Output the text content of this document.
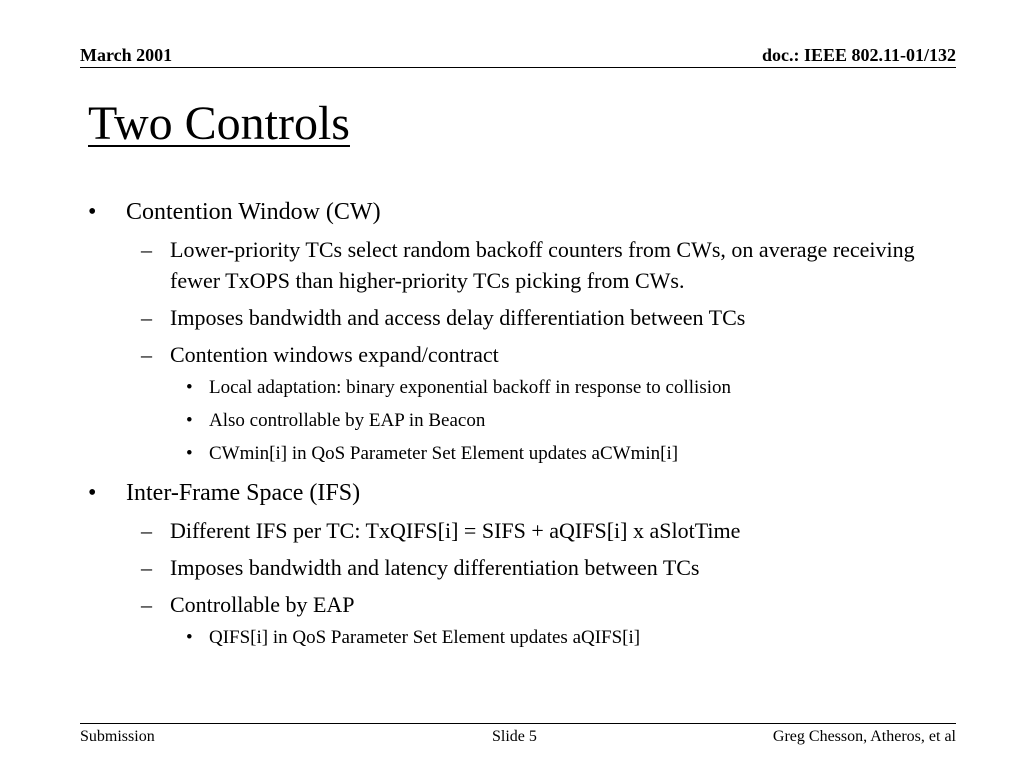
March 2001	doc.: IEEE 802.11-01/132
Two Controls
• Contention Window (CW)
– Lower-priority TCs select random backoff counters from CWs, on average receiving fewer TxOPS than higher-priority TCs picking from CWs.
– Imposes bandwidth and access delay differentiation between TCs
– Contention windows expand/contract
• Local adaptation: binary exponential backoff in response to collision
• Also controllable by EAP in Beacon
• CWmin[i] in QoS Parameter Set Element updates aCWmin[i]
• Inter-Frame Space (IFS)
– Different IFS per TC: TxQIFS[i] = SIFS + aQIFS[i] x aSlotTime
– Imposes bandwidth and latency differentiation between TCs
– Controllable by EAP
• QIFS[i] in QoS Parameter Set Element updates aQIFS[i]
Submission	Slide 5	Greg Chesson, Atheros, et al
